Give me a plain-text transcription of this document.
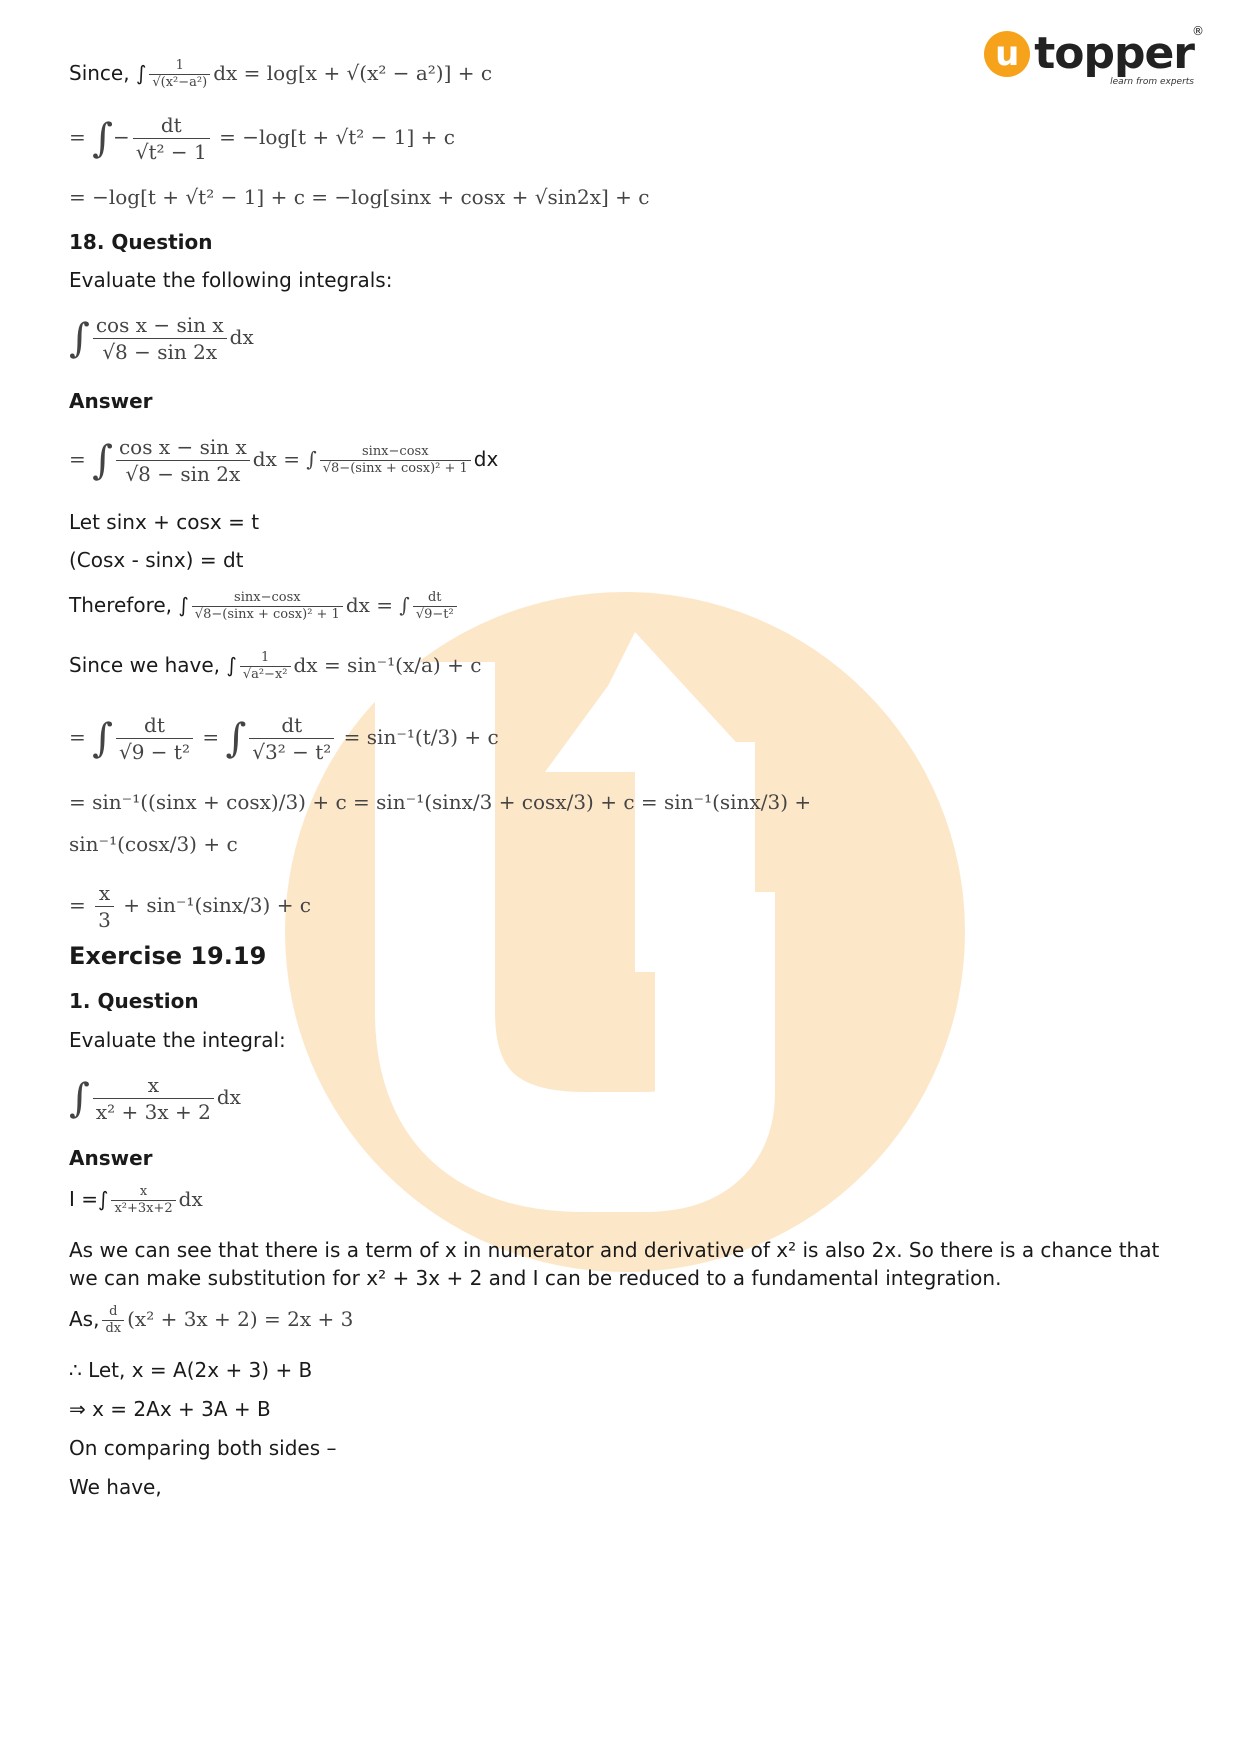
u topper
®
learn from experts
Since, ∫ $\frac{1}{\text{√(x²−a²)}}$ dx = log[x + √(x² − a²)] + c
= ∫− $\frac{dt}{\text{√t² − 1}} = -\log[t + √t^2 - 1] + c$
= −log[t + √t² − 1] + c = −log[sinx + cosx + √sin2x] + c
18. Question
Evaluate the following integrals:
∫ $\frac{\text{cos x − sin x}}{√8 - \sin 2x}$ dx
Answer
= ∫ $\frac{\text{cos x − sin x}}{√8 - \sin 2x}$ dx = ∫ $\frac{\sin x-\cos x}{\text{√8−(sinx + cosx)² + 1}}$ dx
Let sinx + cosx = t
(Cosx - sinx) = dt
Therefore, ∫ $\frac{\sin x-\cos x}{\text{√8−(sinx + cosx)² + 1}}$ dx = ∫ $\frac{dt}{\text{√9−t²}}$
Since we have, ∫ $\frac{1}{\text{√a²−x²}}$ dx = sin⁻¹(x/a) + c
= ∫ $\frac{dt}{\text{√9 − t²}}$ = ∫ $\frac{dt}{\text{√3² − t²}} = \sin^{-1}(t/3) + c$
= sin⁻¹((sinx + cosx)/3) + c = sin⁻¹(sinx/3 + cosx/3) + c = sin⁻¹(sinx/3) +
sin⁻¹(cosx/3) + c
= $\frac{x}{3} + \sin^{-1}(\sin x/3) + c$
Exercise 19.19
1. Question
Evaluate the integral:
∫ $\frac{x}{\text{x² + 3x + 2}}$ dx
Answer
I =∫ $\frac{x}{\text{x²+3x+2}}$ dx
As we can see that there is a term of x in numerator and derivative of x² is also 2x. So there is a chance that we can make substitution for x² + 3x + 2 and I can be reduced to a fundamental integration.
As, $\frac{d}{dx} (x^2 + 3x + 2) = 2x + 3$
∴ Let, x = A(2x + 3) + B
⇒ x = 2Ax + 3A + B
On comparing both sides –
We have,
